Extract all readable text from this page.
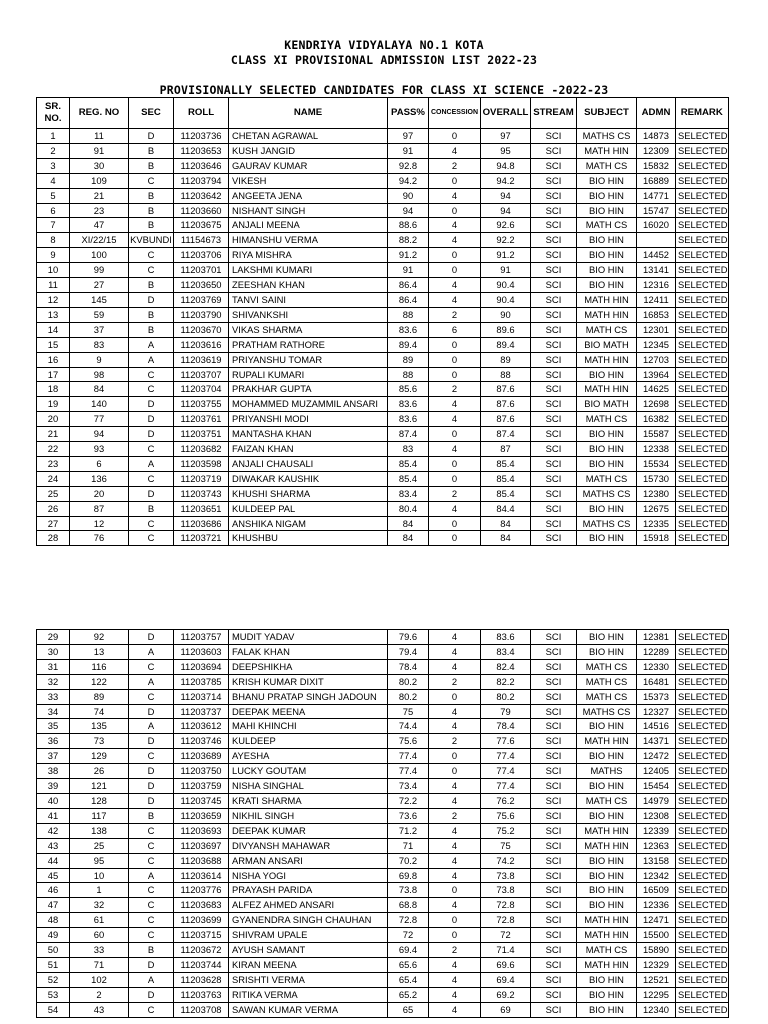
KENDRIYA VIDYALAYA NO.1 KOTA
CLASS XI PROVISIONAL ADMISSION LIST 2022-23
PROVISIONALLY SELECTED CANDIDATES FOR CLASS XI SCIENCE -2022-23
SR. NO.	REG. NO	SEC	ROLL	NAME	PASS%	CONCESSION	OVERALL	STREAM	SUBJECT	ADMN	REMARK
1	11	D	11203736	CHETAN AGRAWAL	97	0	97	SCI	MATHS CS	14873	SELECTED
2	91	B	11203653	KUSH JANGID	91	4	95	SCI	MATH HIN	12309	SELECTED
3	30	B	11203646	GAURAV KUMAR	92.8	2	94.8	SCI	MATH CS	15832	SELECTED
4	109	C	11203794	VIKESH	94.2	0	94.2	SCI	BIO HIN	16889	SELECTED
5	21	B	11203642	ANGEETA JENA	90	4	94	SCI	BIO HIN	14771	SELECTED
6	23	B	11203660	NISHANT SINGH	94	0	94	SCI	BIO HIN	15747	SELECTED
7	47	B	11203675	ANJALI MEENA	88.6	4	92.6	SCI	MATH CS	16020	SELECTED
8	XI/22/15	KVBUNDI	11154673	HIMANSHU VERMA	88.2	4	92.2	SCI	BIO HIN		SELECTED
9	100	C	11203706	RIYA MISHRA	91.2	0	91.2	SCI	BIO HIN	14452	SELECTED
10	99	C	11203701	LAKSHMI KUMARI	91	0	91	SCI	BIO HIN	13141	SELECTED
11	27	B	11203650	ZEESHAN KHAN	86.4	4	90.4	SCI	BIO HIN	12316	SELECTED
12	145	D	11203769	TANVI SAINI	86.4	4	90.4	SCI	MATH HIN	12411	SELECTED
13	59	B	11203790	SHIVANKSHI	88	2	90	SCI	MATH HIN	16853	SELECTED
14	37	B	11203670	VIKAS SHARMA	83.6	6	89.6	SCI	MATH CS	12301	SELECTED
15	83	A	11203616	PRATHAM RATHORE	89.4	0	89.4	SCI	BIO MATH	12345	SELECTED
16	9	A	11203619	PRIYANSHU TOMAR	89	0	89	SCI	MATH HIN	12703	SELECTED
17	98	C	11203707	RUPALI KUMARI	88	0	88	SCI	BIO HIN	13964	SELECTED
18	84	C	11203704	PRAKHAR GUPTA	85.6	2	87.6	SCI	MATH HIN	14625	SELECTED
19	140	D	11203755	MOHAMMED MUZAMMIL ANSARI	83.6	4	87.6	SCI	BIO MATH	12698	SELECTED
20	77	D	11203761	PRIYANSHI MODI	83.6	4	87.6	SCI	MATH CS	16382	SELECTED
21	94	D	11203751	MANTASHA KHAN	87.4	0	87.4	SCI	BIO HIN	15587	SELECTED
22	93	C	11203682	FAIZAN KHAN	83	4	87	SCI	BIO HIN	12338	SELECTED
23	6	A	11203598	ANJALI CHAUSALI	85.4	0	85.4	SCI	BIO HIN	15534	SELECTED
24	136	C	11203719	DIWAKAR KAUSHIK	85.4	0	85.4	SCI	MATH CS	15730	SELECTED
25	20	D	11203743	KHUSHI SHARMA	83.4	2	85.4	SCI	MATHS CS	12380	SELECTED
26	87	B	11203651	KULDEEP PAL	80.4	4	84.4	SCI	BIO HIN	12675	SELECTED
27	12	C	11203686	ANSHIKA NIGAM	84	0	84	SCI	MATHS CS	12335	SELECTED
28	76	C	11203721	KHUSHBU	84	0	84	SCI	BIO HIN	15918	SELECTED
29	92	D	11203757	MUDIT YADAV	79.6	4	83.6	SCI	BIO HIN	12381	SELECTED
30	13	A	11203603	FALAK KHAN	79.4	4	83.4	SCI	BIO HIN	12289	SELECTED
31	116	C	11203694	DEEPSHIKHA	78.4	4	82.4	SCI	MATH CS	12330	SELECTED
32	122	A	11203785	KRISH KUMAR DIXIT	80.2	2	82.2	SCI	MATH CS	16481	SELECTED
33	89	C	11203714	BHANU PRATAP SINGH JADOUN	80.2	0	80.2	SCI	MATH CS	15373	SELECTED
34	74	D	11203737	DEEPAK MEENA	75	4	79	SCI	MATHS CS	12327	SELECTED
35	135	A	11203612	MAHI KHINCHI	74.4	4	78.4	SCI	BIO HIN	14516	SELECTED
36	73	D	11203746	KULDEEP	75.6	2	77.6	SCI	MATH HIN	14371	SELECTED
37	129	C	11203689	AYESHA	77.4	0	77.4	SCI	BIO HIN	12472	SELECTED
38	26	D	11203750	LUCKY GOUTAM	77.4	0	77.4	SCI	MATHS	12405	SELECTED
39	121	D	11203759	NISHA SINGHAL	73.4	4	77.4	SCI	BIO HIN	15454	SELECTED
40	128	D	11203745	KRATI SHARMA	72.2	4	76.2	SCI	MATH CS	14979	SELECTED
41	117	B	11203659	NIKHIL SINGH	73.6	2	75.6	SCI	BIO HIN	12308	SELECTED
42	138	C	11203693	DEEPAK KUMAR	71.2	4	75.2	SCI	MATH HIN	12339	SELECTED
43	25	C	11203697	DIVYANSH MAHAWAR	71	4	75	SCI	MATH HIN	12363	SELECTED
44	95	C	11203688	ARMAN ANSARI	70.2	4	74.2	SCI	BIO HIN	13158	SELECTED
45	10	A	11203614	NISHA YOGI	69.8	4	73.8	SCI	BIO HIN	12342	SELECTED
46	1	C	11203776	PRAYASH PARIDA	73.8	0	73.8	SCI	BIO HIN	16509	SELECTED
47	32	C	11203683	ALFEZ AHMED ANSARI	68.8	4	72.8	SCI	BIO HIN	12336	SELECTED
48	61	C	11203699	GYANENDRA SINGH CHAUHAN	72.8	0	72.8	SCI	MATH HIN	12471	SELECTED
49	60	C	11203715	SHIVRAM UPALE	72	0	72	SCI	MATH HIN	15500	SELECTED
50	33	B	11203672	AYUSH SAMANT	69.4	2	71.4	SCI	MATH CS	15890	SELECTED
51	71	D	11203744	KIRAN MEENA	65.6	4	69.6	SCI	MATH HIN	12329	SELECTED
52	102	A	11203628	SRISHTI VERMA	65.4	4	69.4	SCI	BIO HIN	12521	SELECTED
53	2	D	11203763	RITIKA VERMA	65.2	4	69.2	SCI	BIO HIN	12295	SELECTED
54	43	C	11203708	SAWAN KUMAR VERMA	65	4	69	SCI	BIO HIN	12340	SELECTED
